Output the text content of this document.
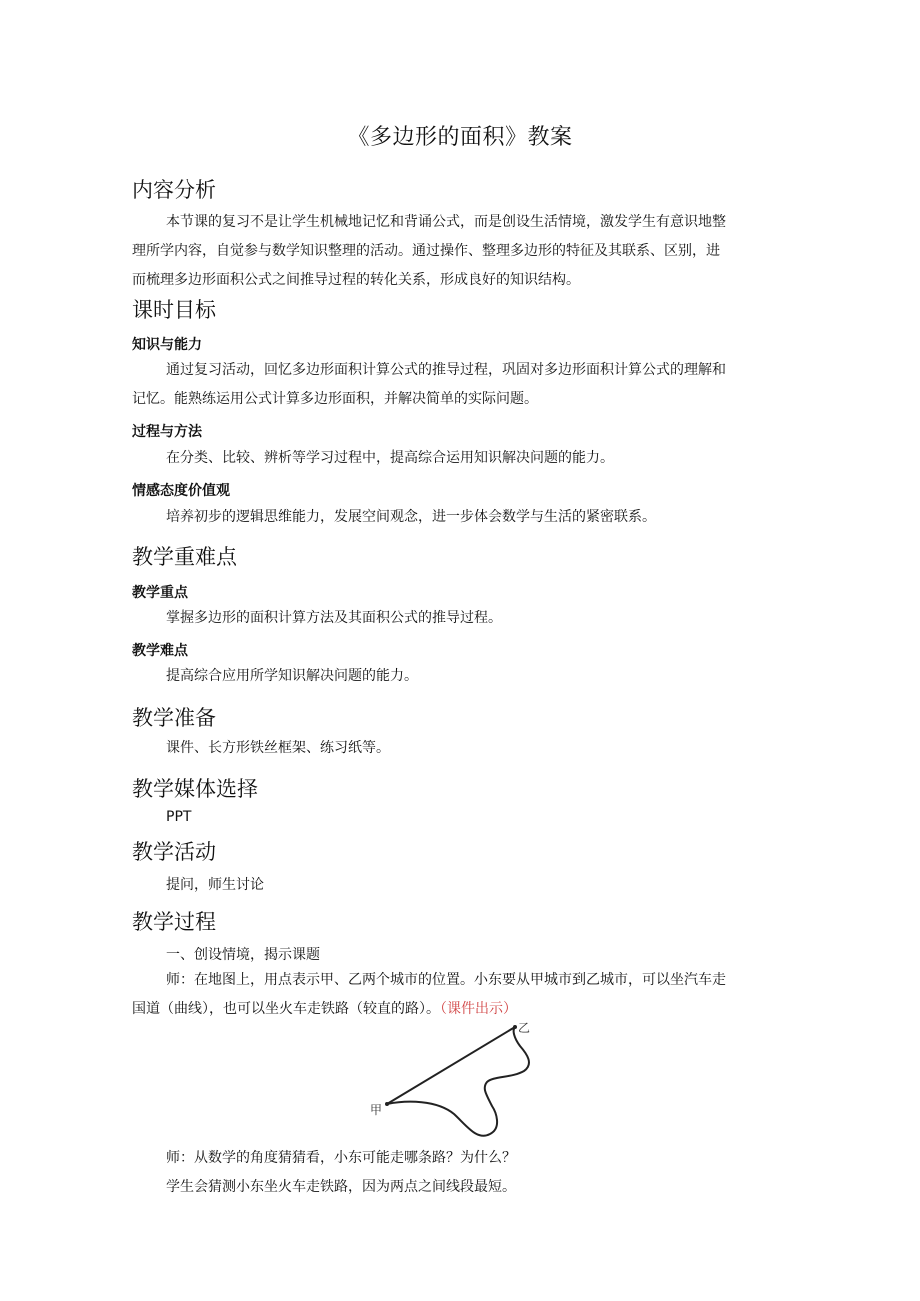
《多边形的面积》教案
内容分析
本节课的复习不是让学生机械地记忆和背诵公式，而是创设生活情境，激发学生有意识地整
理所学内容，自觉参与数学知识整理的活动。通过操作、整理多边形的特征及其联系、区别，进
而梳理多边形面积公式之间推导过程的转化关系，形成良好的知识结构。
课时目标
知识与能力
通过复习活动，回忆多边形面积计算公式的推导过程，巩固对多边形面积计算公式的理解和
记忆。能熟练运用公式计算多边形面积，并解决简单的实际问题。
过程与方法
在分类、比较、辨析等学习过程中，提高综合运用知识解决问题的能力。
情感态度价值观
培养初步的逻辑思维能力，发展空间观念，进一步体会数学与生活的紧密联系。
教学重难点
教学重点
掌握多边形的面积计算方法及其面积公式的推导过程。
教学难点
提高综合应用所学知识解决问题的能力。
教学准备
课件、长方形铁丝框架、练习纸等。
教学媒体选择
PPT
教学活动
提问，师生讨论
教学过程
一、创设情境，揭示课题
师：在地图上，用点表示甲、乙两个城市的位置。小东要从甲城市到乙城市，可以坐汽车走
国道（曲线），也可以坐火车走铁路（较直的路）。（课件出示）
甲
乙
师：从数学的角度猜猜看，小东可能走哪条路？为什么？
学生会猜测小东坐火车走铁路，因为两点之间线段最短。
